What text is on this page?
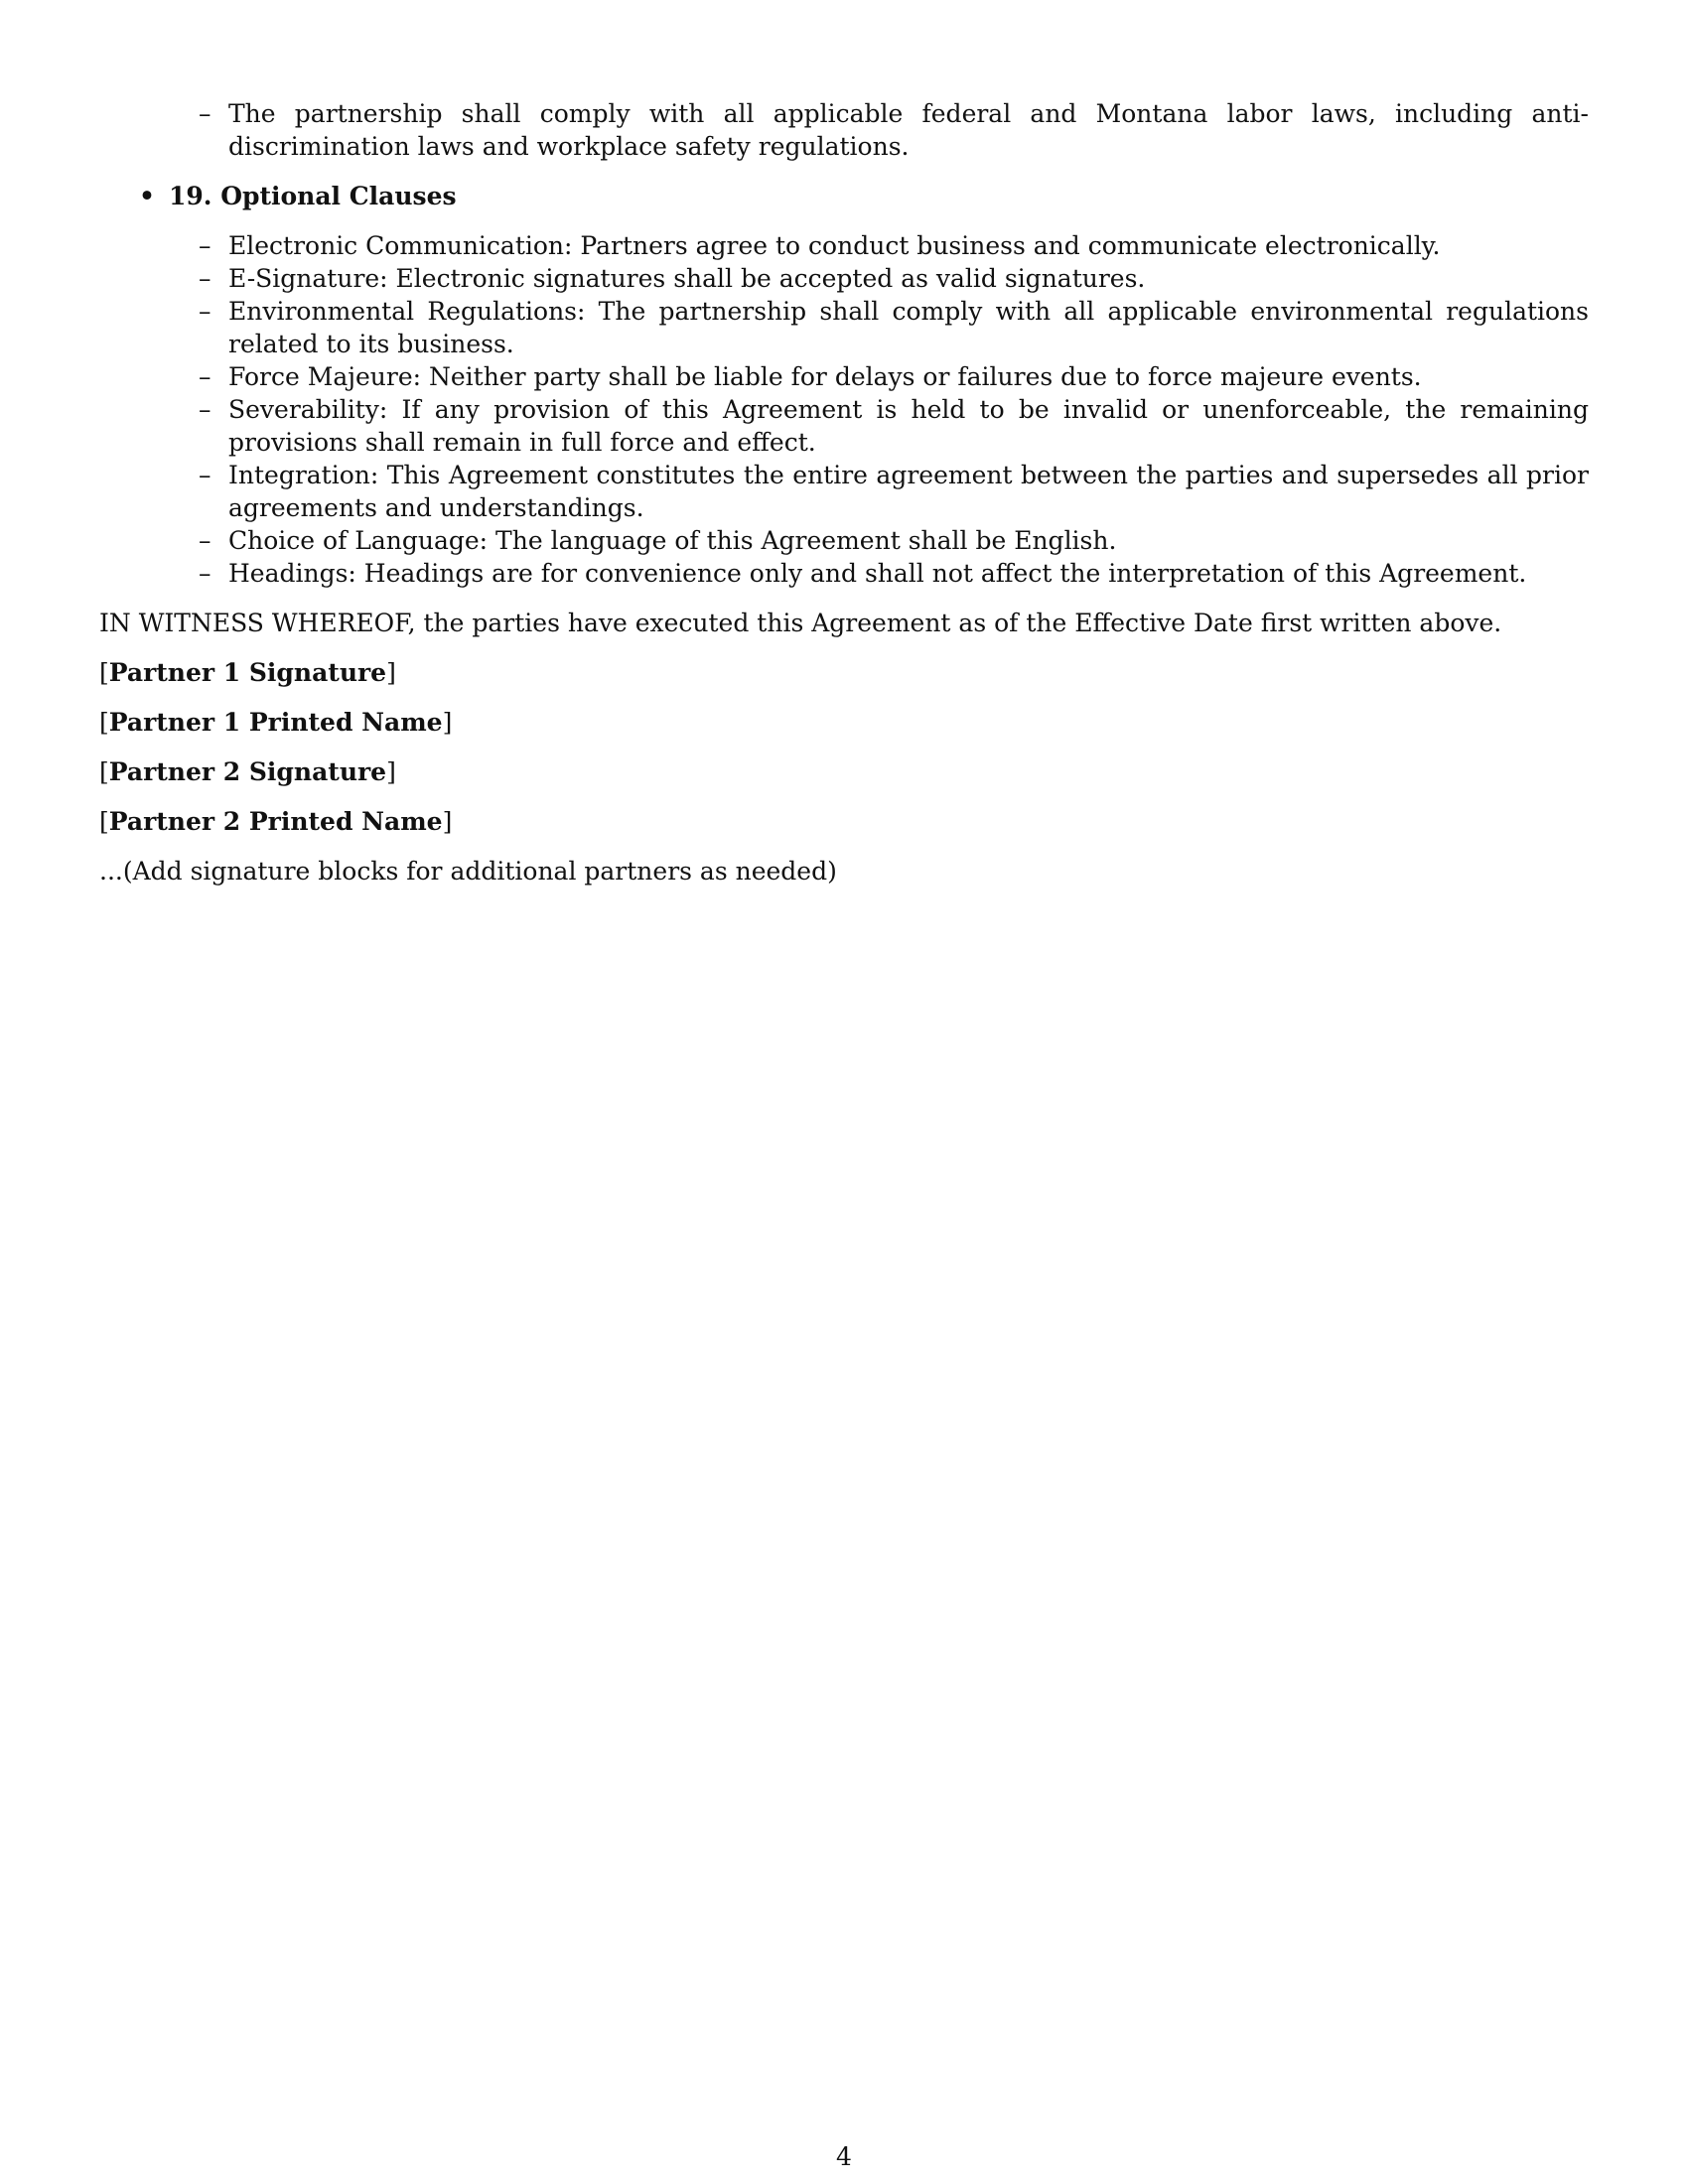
– The partnership shall comply with all applicable federal and Montana labor laws, including anti-discrimination laws and workplace safety regulations.
• 19. Optional Clauses
– Electronic Communication: Partners agree to conduct business and communicate electronically.
– E-Signature: Electronic signatures shall be accepted as valid signatures.
– Environmental Regulations: The partnership shall comply with all applicable environmental regulations related to its business.
– Force Majeure: Neither party shall be liable for delays or failures due to force majeure events.
– Severability: If any provision of this Agreement is held to be invalid or unenforceable, the remaining provisions shall remain in full force and effect.
– Integration: This Agreement constitutes the entire agreement between the parties and supersedes all prior agreements and understandings.
– Choice of Language: The language of this Agreement shall be English.
– Headings: Headings are for convenience only and shall not affect the interpretation of this Agreement.

IN WITNESS WHEREOF, the parties have executed this Agreement as of the Effective Date first written above.

[Partner 1 Signature]

[Partner 1 Printed Name]

[Partner 2 Signature]

[Partner 2 Printed Name]

...(Add signature blocks for additional partners as needed)

4
